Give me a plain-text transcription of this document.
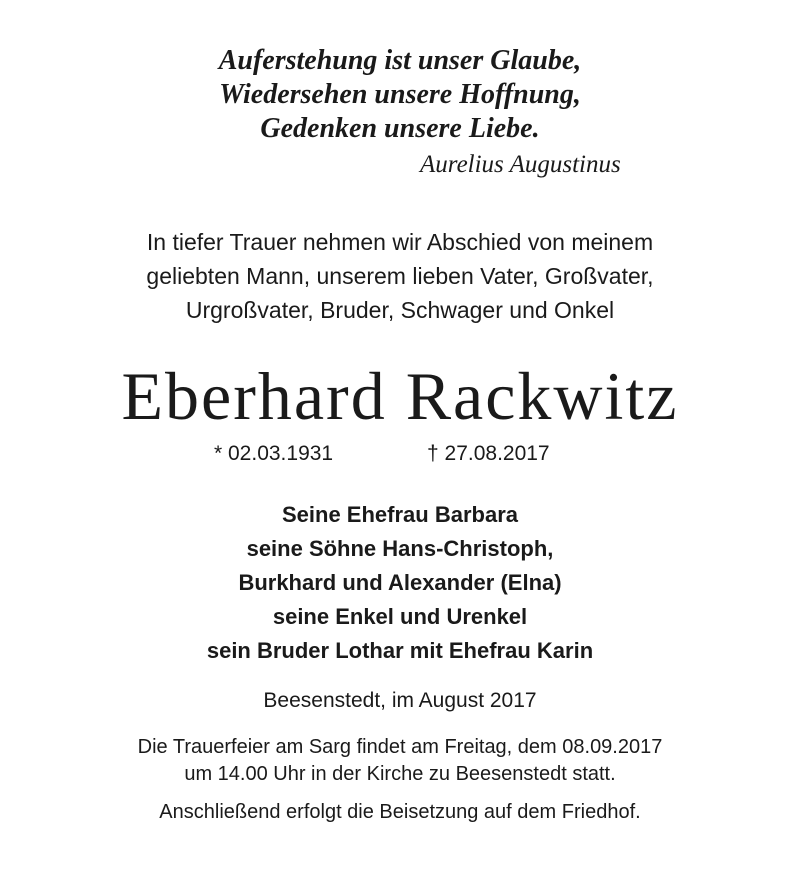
Auferstehung ist unser Glaube,
Wiedersehen unsere Hoffnung,
Gedenken unsere Liebe.
Aurelius Augustinus
In tiefer Trauer nehmen wir Abschied von meinem
geliebten Mann, unserem lieben Vater, Großvater,
Urgroßvater, Bruder, Schwager und Onkel
Eberhard Rackwitz
* 02.03.1931	† 27.08.2017
Seine Ehefrau Barbara
seine Söhne Hans-Christoph,
Burkhard und Alexander (Elna)
seine Enkel und Urenkel
sein Bruder Lothar mit Ehefrau Karin
Beesenstedt, im August 2017
Die Trauerfeier am Sarg findet am Freitag, dem 08.09.2017
um 14.00 Uhr in der Kirche zu Beesenstedt statt.
Anschließend erfolgt die Beisetzung auf dem Friedhof.
